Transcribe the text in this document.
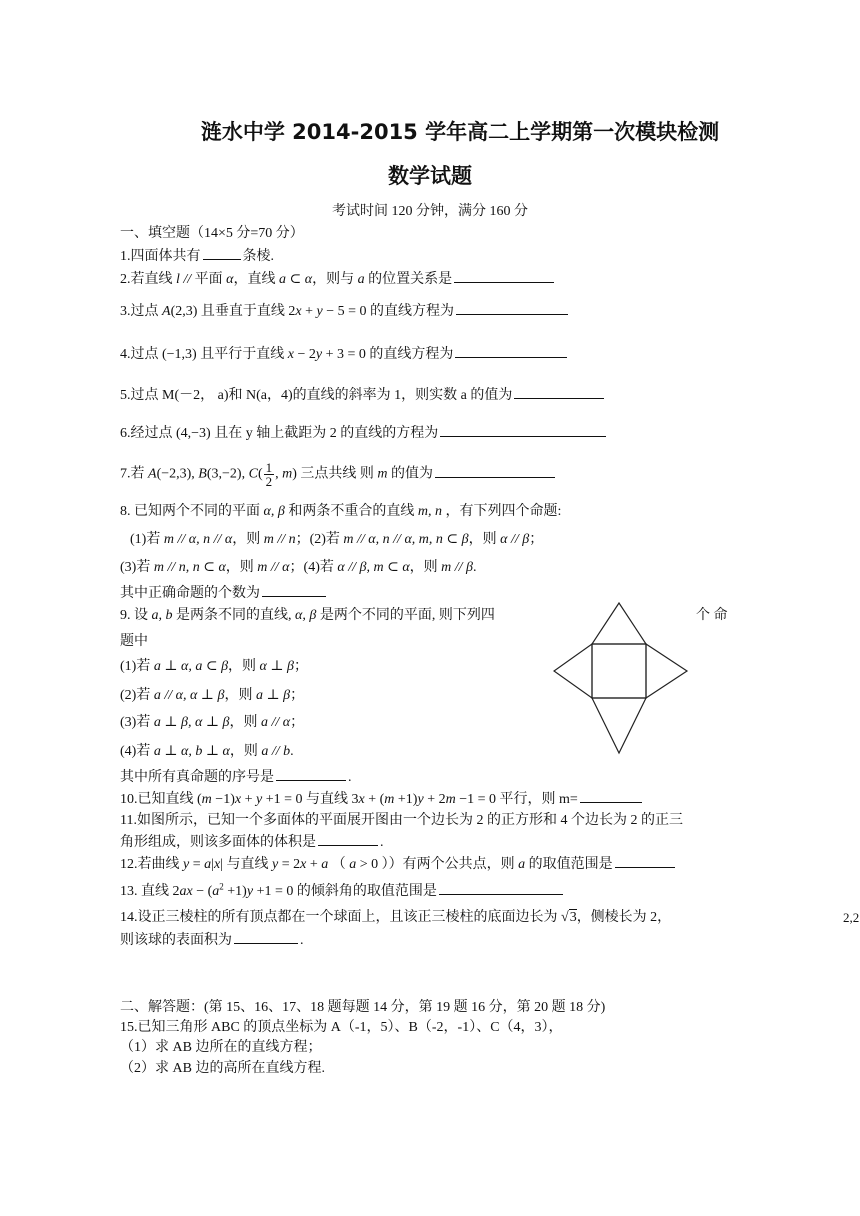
涟水中学 2014-2015 学年高二上学期第一次模块检测
数学试题
考试时间 120 分钟，满分 160 分
一、填空题（14×5 分=70 分）
1.四面体共有	条棱.
2.若直线 l // 平面 α，直线 a ⊂ α，则与 a 的位置关系是
3.过点 A(2,3) 且垂直于直线 2x + y − 5 = 0 的直线方程为
4.过点 (−1,3) 且平行于直线 x − 2y + 3 = 0 的直线方程为
5.过点 M(－2， a)和 N(a，4)的直线的斜率为 1，则实数 a 的值为
6.经过点 (4,−3) 且在 y 轴上截距为 2 的直线的方程为
7.若 A(−2,3), B(3,−2), $C( \frac{1}{2}$ , m) 三点共线 则 m 的值为
8. 已知两个不同的平面 α, β 和两条不重合的直线 m, n ，有下列四个命题:
(1)若 m // α, n // α，则 m // n；(2)若 m // α, n // α, m, n ⊂ β，则 α // β；
(3)若 m // n, n ⊂ α，则 m // α；(4)若 α // β, m ⊂ α，则 m // β.
其中正确命题的个数为
9. 设 a, b 是两条不同的直线, α, β 是两个不同的平面, 则下列四	个 命
题中
(1)若 a ⊥ α, a ⊂ β，则 α ⊥ β；
(2)若 a // α, α ⊥ β，则 a ⊥ β；
(3)若 a ⊥ β, α ⊥ β，则 a // α；
(4)若 a ⊥ α, b ⊥ α，则 a // b.
其中所有真命题的序号是	.
10.已知直线 (m −1)x + y +1 = 0 与直线 3x + (m +1)y + 2m −1 = 0 平行，则 m=
11.如图所示，已知一个多面体的平面展开图由一个边长为 2 的正方形和 4 个边长为 2 的正三
角形组成，则该多面体的体积是	.
12.若曲线 y = a|x| 与直线 y = 2x + a （ a > 0 ））有两个公共点，则 a 的取值范围是
13. 直线 $2ax - (a^2 +1)y +1 = 0$ 的倾斜角的取值范围是
14.设正三棱柱的所有顶点都在一个球面上，且该正三棱柱的底面边长为 √3，侧棱长为 2，
则该球的表面积为	.
2,2
二、解答题：(第 15、16、17、18 题每题 14 分，第 19 题 16 分，第 20 题 18 分)
15.已知三角形 ABC 的顶点坐标为 A（-1，5）、B（-2，-1）、C（4，3），
（1）求 AB 边所在的直线方程；
（2）求 AB 边的高所在直线方程.
